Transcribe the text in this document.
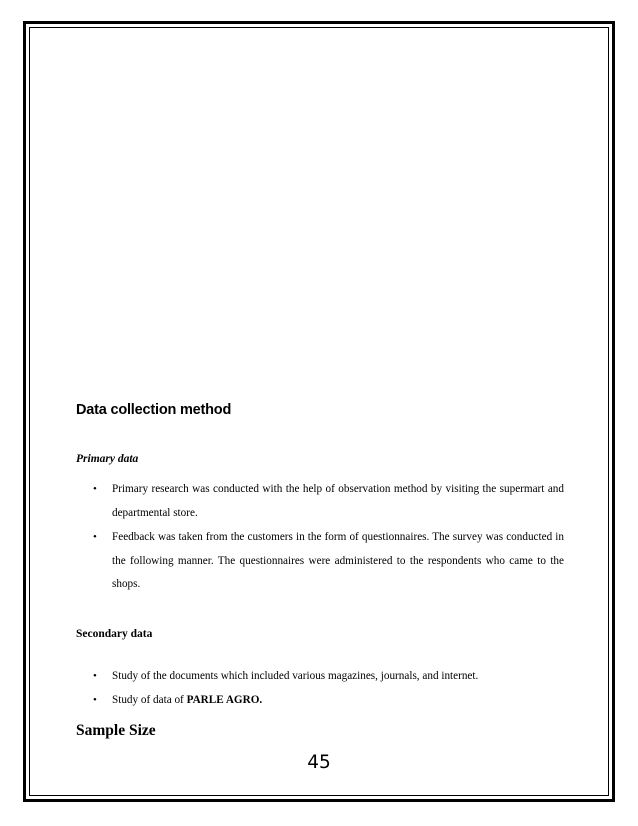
Data collection method
Primary data
• Primary research was conducted with the help of observation method by visiting the supermart and departmental store.
• Feedback was taken from the customers in the form of questionnaires. The survey was conducted in the following manner. The questionnaires were administered to the respondents who came to the shops.
Secondary data
• Study of the documents which included various magazines, journals, and internet.
• Study of data of PARLE AGRO.
Sample Size
45
